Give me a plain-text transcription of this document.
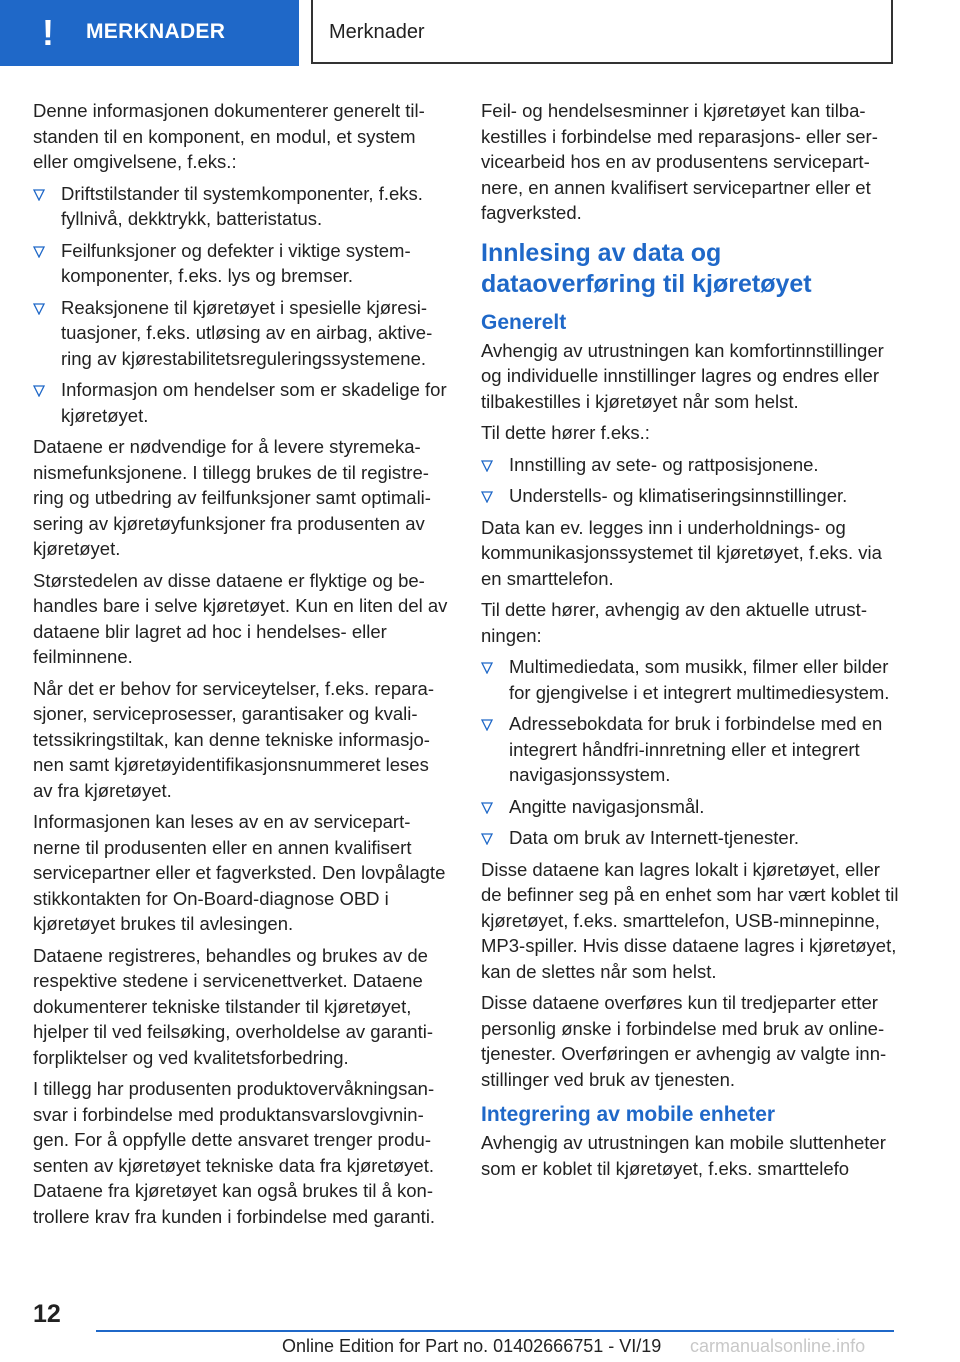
! MERKNADER	Merknader

Denne informasjonen dokumenterer generelt tilstanden til en komponent, en modul, et system eller omgivelsene, f.eks.:

Driftstilstander til systemkomponenter, f.eks. fyllnivå, dekktrykk, batteristatus.
Feilfunksjoner og defekter i viktige systemkomponenter, f.eks. lys og bremser.
Reaksjonene til kjøretøyet i spesielle kjøresituasjoner, f.eks. utløsing av en airbag, aktivering av kjørestabilitetsreguleringssystemene.
Informasjon om hendelser som er skadelige for kjøretøyet.

Dataene er nødvendige for å levere styremekanismefunksjonene. I tillegg brukes de til registrering og utbedring av feilfunksjoner samt optimalisering av kjøretøyfunksjoner fra produsenten av kjøretøyet.

Størstedelen av disse dataene er flyktige og behandles bare i selve kjøretøyet. Kun en liten del av dataene blir lagret ad hoc i hendelses- eller feilminnene.

Når det er behov for serviceytelser, f.eks. reparasjoner, serviceprosesser, garantisaker og kvalitetssikringstiltak, kan denne tekniske informasjonen samt kjøretøyidentifikasjonsnummeret leses av fra kjøretøyet.

Informasjonen kan leses av en av servicepartnerne til produsenten eller en annen kvalifisert servicepartner eller et fagverksted. Den lovpålagte stikkontakten for On-Board-diagnose OBD i kjøretøyet brukes til avlesingen.

Dataene registreres, behandles og brukes av de respektive stedene i servicenettverket. Dataene dokumenterer tekniske tilstander til kjøretøyet, hjelper til ved feilsøking, overholdelse av garantiforpliktelser og ved kvalitetsforbedring.

I tillegg har produsenten produktovervåkningsansvar i forbindelse med produktansvarslovgivningen. For å oppfylle dette ansvaret trenger produsenten av kjøretøyet tekniske data fra kjøretøyet. Dataene fra kjøretøyet kan også brukes til å kontrollere krav fra kunden i forbindelse med garanti.

Feil- og hendelsesminner i kjøretøyet kan tilbakestilles i forbindelse med reparasjons- eller servicearbeid hos en av produsentens servicepartnere, en annen kvalifisert servicepartner eller et fagverksted.

Innlesing av data og dataoverføring til kjøretøyet
Generelt

Avhengig av utrustningen kan komfortinnstillinger og individuelle innstillinger lagres og endres eller tilbakestilles i kjøretøyet når som helst.

Til dette hører f.eks.:

Innstilling av sete- og rattposisjonene.
Understells- og klimatiseringsinnstillinger.

Data kan ev. legges inn i underholdnings- og kommunikasjonssystemet til kjøretøyet, f.eks. via en smarttelefon.

Til dette hører, avhengig av den aktuelle utrustningen:

Multimediedata, som musikk, filmer eller bilder for gjengivelse i et integrert multimediesystem.
Adressebokdata for bruk i forbindelse med en integrert håndfri-innretning eller et integrert navigasjonssystem.
Angitte navigasjonsmål.
Data om bruk av Internett-tjenester.

Disse dataene kan lagres lokalt i kjøretøyet, eller de befinner seg på en enhet som har vært koblet til kjøretøyet, f.eks. smarttelefon, USB-minnepinne, MP3-spiller. Hvis disse dataene lagres i kjøretøyet, kan de slettes når som helst.

Disse dataene overføres kun til tredjeparter etter personlig ønske i forbindelse med bruk av onlinetjenester. Overføringen er avhengig av valgte innstillinger ved bruk av tjenesten.

Integrering av mobile enheter

Avhengig av utrustningen kan mobile sluttenheter som er koblet til kjøretøyet, f.eks. smarttelefo

12
Online Edition for Part no. 01402666751 - VI/19 carmanualsonline.info
